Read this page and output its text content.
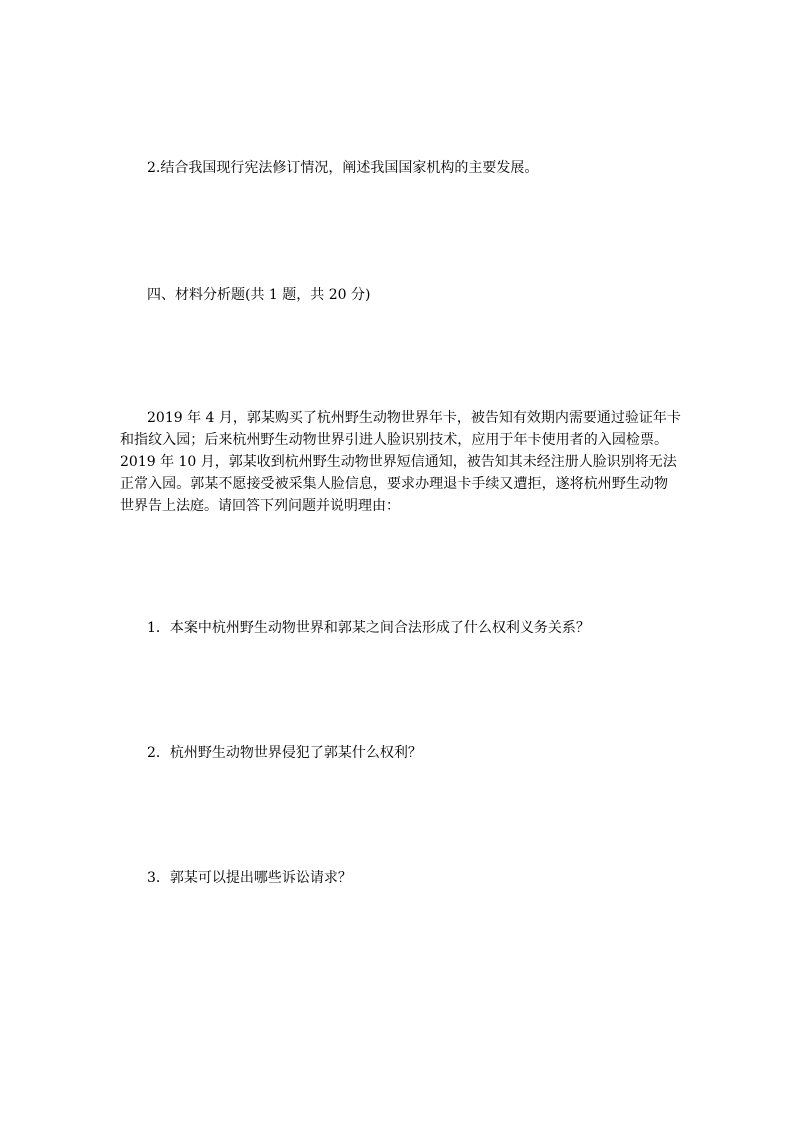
2.结合我国现行宪法修订情况，阐述我国国家机构的主要发展。
四、材料分析题(共 1 题，共 20 分)
2019 年 4 月，郭某购买了杭州野生动物世界年卡，被告知有效期内需要通过验证年卡
和指纹入园；后来杭州野生动物世界引进人脸识别技术，应用于年卡使用者的入园检票。
2019 年 10 月，郭某收到杭州野生动物世界短信通知，被告知其未经注册人脸识别将无法
正常入园。郭某不愿接受被采集人脸信息，要求办理退卡手续又遭拒，遂将杭州野生动物
世界告上法庭。请回答下列问题并说明理由：
1．本案中杭州野生动物世界和郭某之间合法形成了什么权利义务关系？
2．杭州野生动物世界侵犯了郭某什么权利？
3．郭某可以提出哪些诉讼请求？
